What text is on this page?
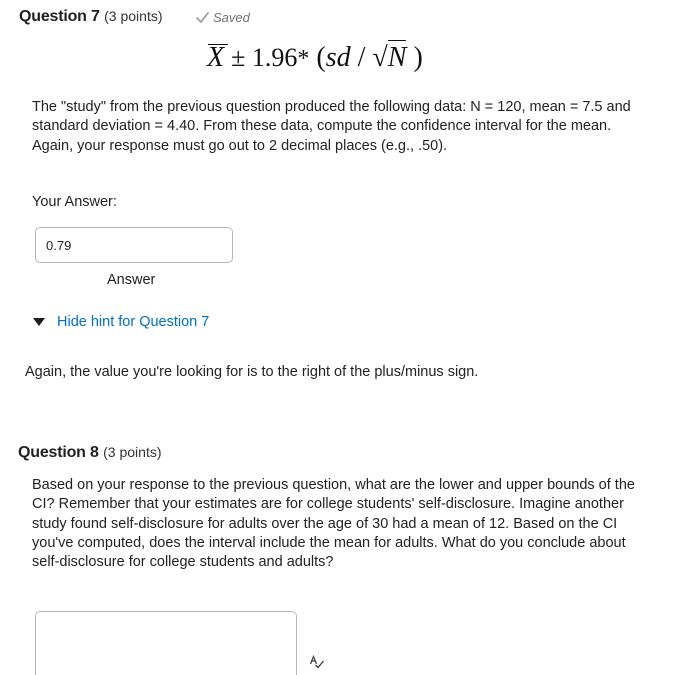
Question 7 (3 points)	Saved
X ± 1.96* (sd / √N )
The "study" from the previous question produced the following data: N = 120, mean = 7.5 and standard deviation = 4.40. From these data, compute the confidence interval for the mean. Again, your response must go out to 2 decimal places (e.g., .50).
Your Answer:
0.79
Answer
Hide hint for Question 7
Again, the value you're looking for is to the right of the plus/minus sign.
Question 8 (3 points)
Based on your response to the previous question, what are the lower and upper bounds of the CI? Remember that your estimates are for college students' self-disclosure. Imagine another study found self-disclosure for adults over the age of 30 had a mean of 12. Based on the CI you've computed, does the interval include the mean for adults. What do you conclude about self-disclosure for college students and adults?
